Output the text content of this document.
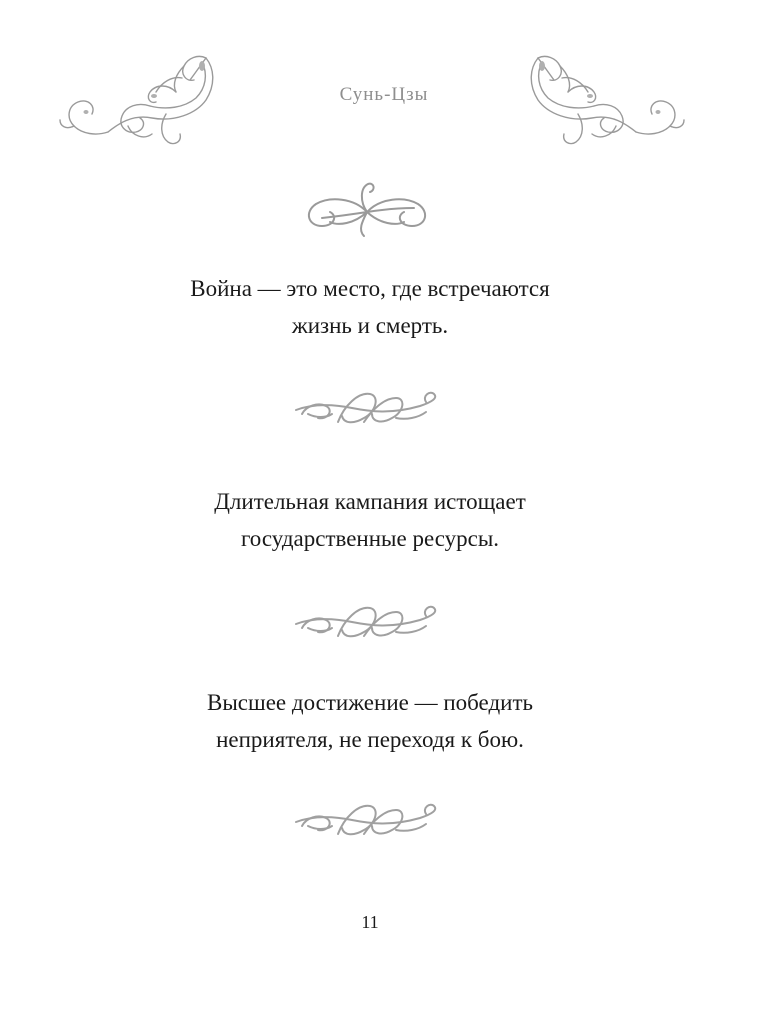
Сунь-Цзы
Война — это место, где встречаются
жизнь и смерть.
Длительная кампания истощает
государственные ресурсы.
Высшее достижение — победить
неприятеля, не переходя к бою.
11
